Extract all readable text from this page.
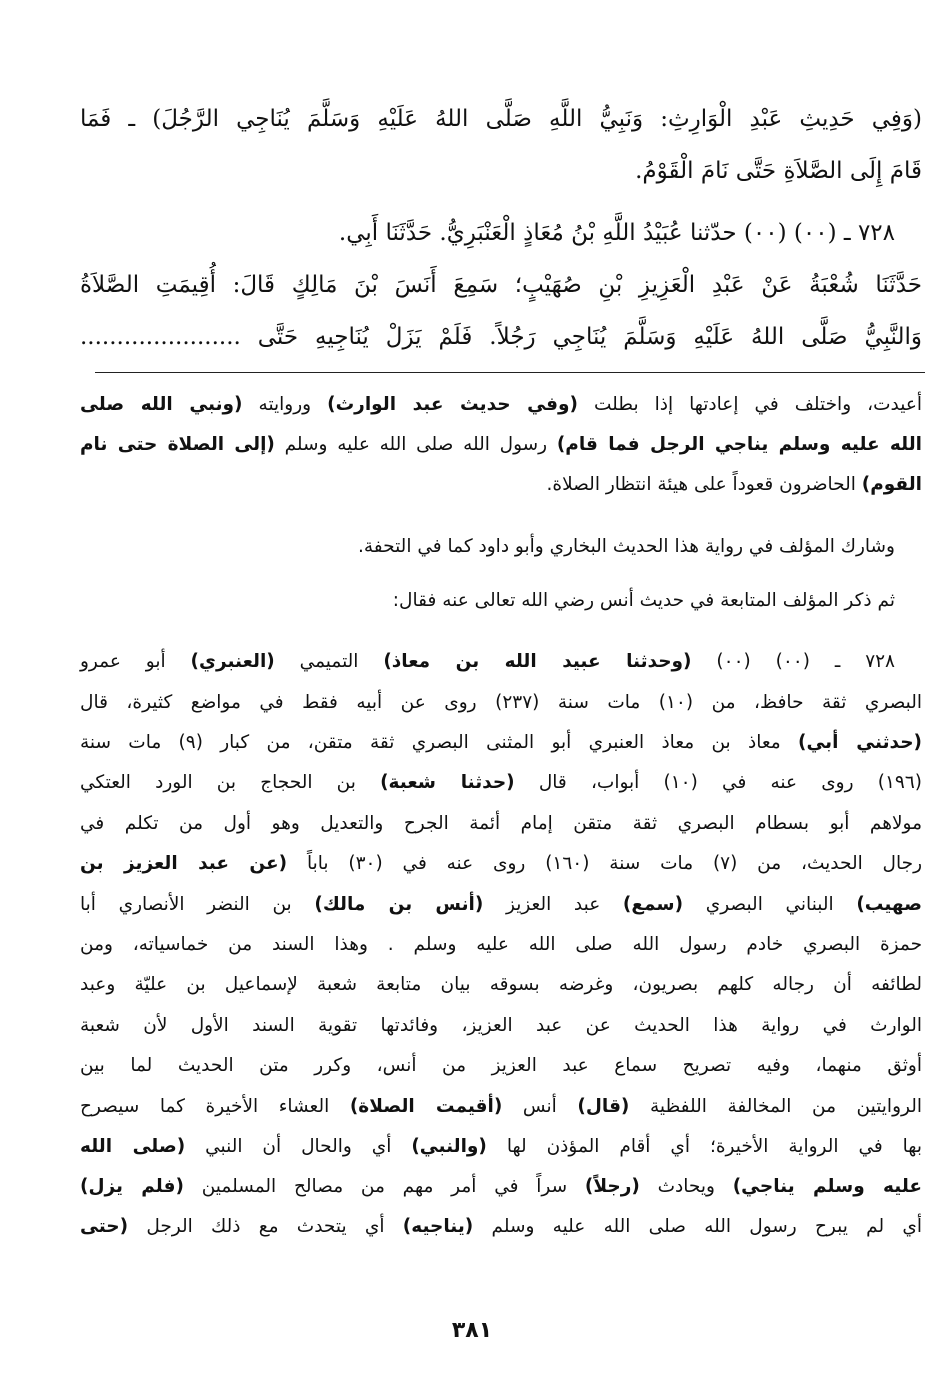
(وَفِي حَدِيثِ عَبْدِ الْوَارِثِ: وَنَبِيُّ اللَّهِ صَلَّى اللهُ عَلَيْهِ وَسَلَّمَ يُنَاجِي الرَّجُلَ) ـ فَمَا
قَامَ إِلَى الصَّلاَةِ حَتَّى نَامَ الْقَوْمُ.
٧٢٨ ـ (٠٠) (٠٠) حدّثنا عُبَيْدُ اللَّهِ بْنُ مُعَاذٍ الْعَنْبَرِيُّ. حَدَّثَنَا أَبِي.
حَدَّثَنَا شُعْبَةُ عَنْ عَبْدِ الْعَزِيزِ بْنِ صُهَيْبٍ؛ سَمِعَ أَنَسَ بْنَ مَالِكٍ قَالَ: أُقِيمَتِ الصَّلاَةُ
وَالنَّبِيُّ صَلَّى اللهُ عَلَيْهِ وَسَلَّمَ يُنَاجِي رَجُلاً. فَلَمْ يَزَلْ يُنَاجِيهِ حَتَّى ......................
أعيدت، واختلف في إعادتها إذا بطلت (وفي حديث عبد الوارث) وروايته (ونبي الله صلى
الله عليه وسلم يناجي الرجل فما قام) رسول الله صلى الله عليه وسلم (إلى الصلاة حتى نام
القوم) الحاضرون قعوداً على هيئة انتظار الصلاة.
وشارك المؤلف في رواية هذا الحديث البخاري وأبو داود كما في التحفة.
ثم ذكر المؤلف المتابعة في حديث أنس رضي الله تعالى عنه فقال:
٧٢٨ ـ (٠٠) (٠٠) (وحدثنا عبيد الله بن معاذ) التميمي (العنبري) أبو عمرو
البصري ثقة حافظ، من (١٠) مات سنة (٢٣٧) روى عن أبيه فقط في مواضع كثيرة، قال
(حدثني أبي) معاذ بن معاذ العنبري أبو المثنى البصري ثقة متقن، من كبار (٩) مات سنة
(١٩٦) روى عنه في (١٠) أبواب، قال (حدثنا شعبة) بن الحجاج بن الورد العتكي
مولاهم أبو بسطام البصري ثقة متقن إمام أئمة الجرح والتعديل وهو أول من تكلم في
رجال الحديث، من (٧) مات سنة (١٦٠) روى عنه في (٣٠) باباً (عن عبد العزيز بن
صهيب) البناني البصري (سمع) عبد العزيز (أنس بن مالك) بن النضر الأنصاري أبا
حمزة البصري خادم رسول الله صلى الله عليه وسلم . وهذا السند من خماسياته، ومن
لطائفه أن رجاله كلهم بصريون، وغرضه بسوقه بيان متابعة شعبة لإسماعيل بن عليّة وعبد
الوارث في رواية هذا الحديث عن عبد العزيز، وفائدتها تقوية السند الأول لأن شعبة
أوثق منهما، وفيه تصريح سماع عبد العزيز من أنس، وكرر متن الحديث لما بين
الروايتين من المخالفة اللفظية (قال) أنس (أقيمت الصلاة) العشاء الأخيرة كما سيصرح
بها في الرواية الأخيرة؛ أي أقام المؤذن لها (والنبي) أي والحال أن النبي (صلى الله
عليه وسلم يناجي) ويحادث (رجلاً) سراً في أمر مهم من مصالح المسلمين (فلم يزل)
أي لم يبرح رسول الله صلى الله عليه وسلم (يناجيه) أي يتحدث مع ذلك الرجل (حتى
٣٨١
